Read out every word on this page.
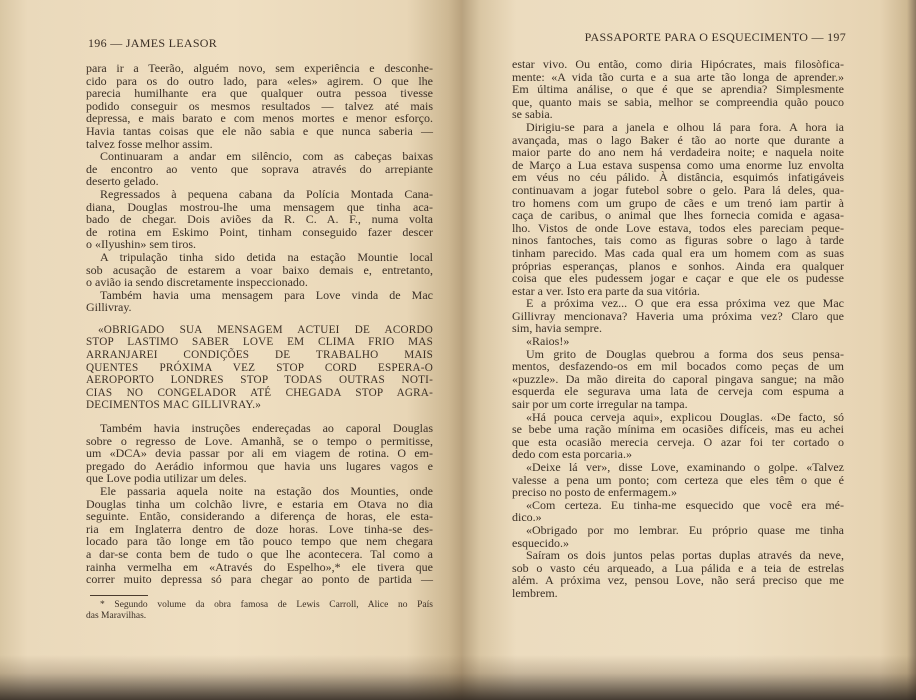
196 — JAMES LEASOR
para ir a Teerão, alguém novo, sem experiência e desconhe-
cido para os do outro lado, para «eles» agirem. O que lhe
parecia humilhante era que qualquer outra pessoa tivesse
podido conseguir os mesmos resultados — talvez até mais
depressa, e mais barato e com menos mortes e menor esforço.
Havia tantas coisas que ele não sabia e que nunca saberia —
talvez fosse melhor assim.
Continuaram a andar em silêncio, com as cabeças baixas
de encontro ao vento que soprava através do arrepiante
deserto gelado.
Regressados à pequena cabana da Polícia Montada Cana-
diana, Douglas mostrou-lhe uma mensagem que tinha aca-
bado de chegar. Dois aviões da R. C. A. F., numa volta
de rotina em Eskimo Point, tinham conseguido fazer descer
o «Ilyushin» sem tiros.
A tripulação tinha sido detida na estação Mountie local
sob acusação de estarem a voar baixo demais e, entretanto,
o avião ia sendo discretamente inspeccionado.
Também havia uma mensagem para Love vinda de Mac
Gillivray.
«OBRIGADO SUA MENSAGEM ACTUEI DE ACORDO
STOP LASTIMO SABER LOVE EM CLIMA FRIO MAS
ARRANJAREI CONDIÇÕES DE TRABALHO MAIS
QUENTES PRÓXIMA VEZ STOP CORD ESPERA-O
AEROPORTO LONDRES STOP TODAS OUTRAS NOTI-
CIAS NO CONGELADOR ATÉ CHEGADA STOP AGRA-
DECIMENTOS MAC GILLIVRAY.»
Também havia instruções endereçadas ao caporal Douglas
sobre o regresso de Love. Amanhã, se o tempo o permitisse,
um «DCA» devia passar por ali em viagem de rotina. O em-
pregado do Aerádio informou que havia uns lugares vagos e
que Love podia utilizar um deles.
Ele passaria aquela noite na estação dos Mounties, onde
Douglas tinha um colchão livre, e estaria em Otava no dia
seguinte. Então, considerando a diferença de horas, ele esta-
ria em Inglaterra dentro de doze horas. Love tinha-se des-
locado para tão longe em tão pouco tempo que nem chegara
a dar-se conta bem de tudo o que lhe acontecera. Tal como a
rainha vermelha em «Através do Espelho»,* ele tivera que
correr muito depressa só para chegar ao ponto de partida —
* Segundo volume da obra famosa de Lewis Carroll, Alice no País
das Maravilhas.
PASSAPORTE PARA O ESQUECIMENTO — 197
estar vivo. Ou então, como diria Hipócrates, mais filosòfica-
mente: «A vida tão curta e a sua arte tão longa de aprender.»
Em última análise, o que é que se aprendia? Simplesmente
que, quanto mais se sabia, melhor se compreendia quão pouco
se sabia.
Dirigiu-se para a janela e olhou lá para fora. A hora ia
avançada, mas o lago Baker é tão ao norte que durante a
maior parte do ano nem há verdadeira noite; e naquela noite
de Março a Lua estava suspensa como uma enorme luz envolta
em véus no céu pálido. À distância, esquimós infatigáveis
continuavam a jogar futebol sobre o gelo. Para lá deles, qua-
tro homens com um grupo de cães e um trenó iam partir à
caça de caribus, o animal que lhes fornecia comida e agasa-
lho. Vistos de onde Love estava, todos eles pareciam peque-
ninos fantoches, tais como as figuras sobre o lago à tarde
tinham parecido. Mas cada qual era um homem com as suas
próprias esperanças, planos e sonhos. Ainda era qualquer
coisa que eles pudessem jogar e caçar e que ele os pudesse
estar a ver. Isto era parte da sua vitória.
E a próxima vez... O que era essa próxima vez que Mac
Gillivray mencionava? Haveria uma próxima vez? Claro que
sim, havia sempre.
«Raios!»
Um grito de Douglas quebrou a forma dos seus pensa-
mentos, desfazendo-os em mil bocados como peças de um
«puzzle». Da mão direita do caporal pingava sangue; na mão
esquerda ele segurava uma lata de cerveja com espuma a
sair por um corte irregular na tampa.
«Há pouca cerveja aqui», explicou Douglas. «De facto, só
se bebe uma ração mínima em ocasiões difíceis, mas eu achei
que esta ocasião merecia cerveja. O azar foi ter cortado o
dedo com esta porcaria.»
«Deixe lá ver», disse Love, examinando o golpe. «Talvez
valesse a pena um ponto; com certeza que eles têm o que é
preciso no posto de enfermagem.»
«Com certeza. Eu tinha-me esquecido que você era mé-
dico.»
«Obrigado por mo lembrar. Eu próprio quase me tinha
esquecido.»
Saíram os dois juntos pelas portas duplas através da neve,
sob o vasto céu arqueado, a Lua pálida e a teia de estrelas
além. A próxima vez, pensou Love, não será preciso que me
lembrem.
